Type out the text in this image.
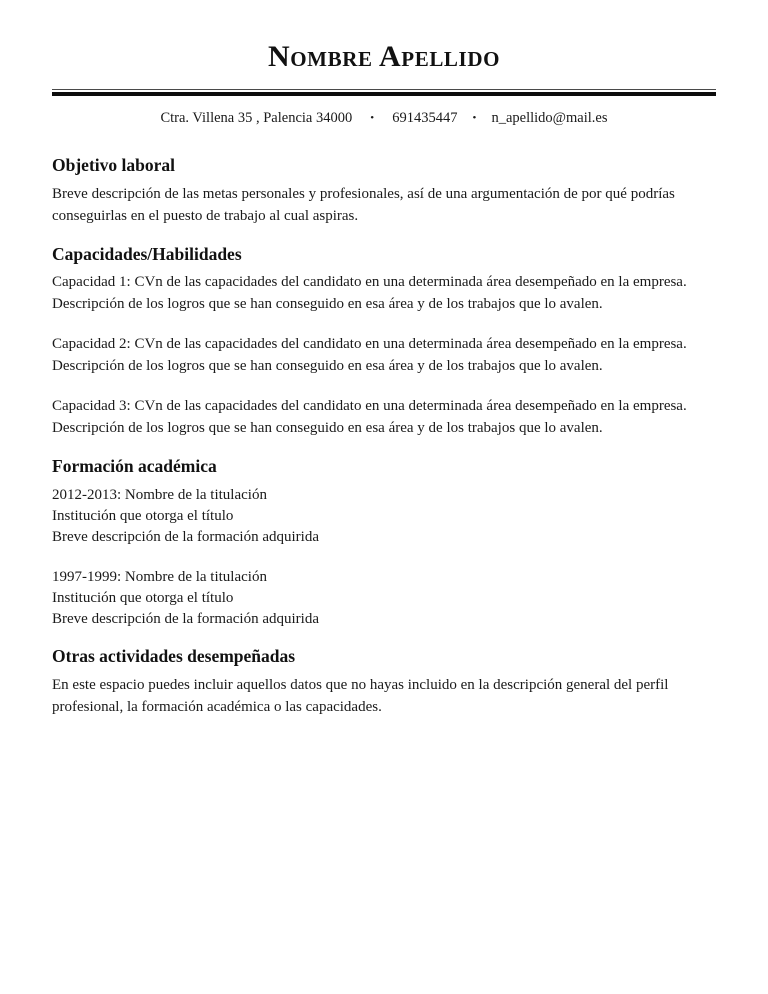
Nombre Apellido
Ctra. Villena 35 , Palencia 34000 • 691435447 • n_apellido@mail.es
Objetivo laboral

Breve descripción de las metas personales y profesionales, así de una argumentación de por qué podrías conseguirlas en el puesto de trabajo al cual aspiras.

Capacidades/Habilidades

Capacidad 1: CVn de las capacidades del candidato en una determinada área desempeñado en la empresa. Descripción de los logros que se han conseguido en esa área y de los trabajos que lo avalen.

Capacidad 2: CVn de las capacidades del candidato en una determinada área desempeñado en la empresa. Descripción de los logros que se han conseguido en esa área y de los trabajos que lo avalen.

Capacidad 3: CVn de las capacidades del candidato en una determinada área desempeñado en la empresa. Descripción de los logros que se han conseguido en esa área y de los trabajos que lo avalen.

Formación académica
2012-2013: Nombre de la titulación
Institución que otorga el título
Breve descripción de la formación adquirida
1997-1999: Nombre de la titulación
Institución que otorga el título
Breve descripción de la formación adquirida
Otras actividades desempeñadas

En este espacio puedes incluir aquellos datos que no hayas incluido en la descripción general del perfil profesional, la formación académica o las capacidades.
